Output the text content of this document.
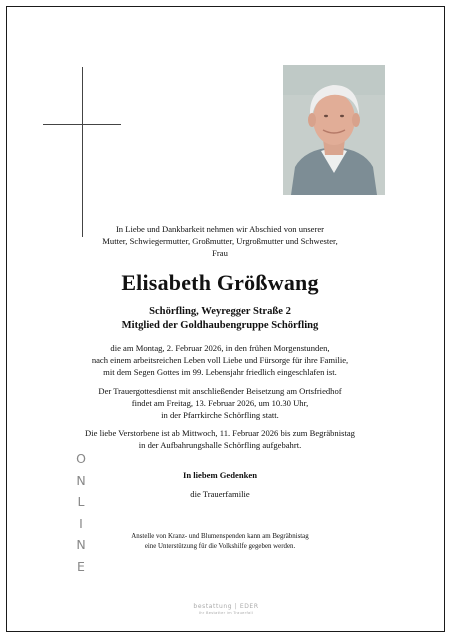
In Liebe und Dankbarkeit nehmen wir Abschied von unserer
Mutter, Schwiegermutter, Großmutter, Urgroßmutter und Schwester,
Frau
Elisabeth Größwang
Schörfling, Weyregger Straße 2
Mitglied der Goldhaubengruppe Schörfling
die am Montag, 2. Februar 2026, in den frühen Morgenstunden,
nach einem arbeitsreichen Leben voll Liebe und Fürsorge für ihre Familie,
mit dem Segen Gottes im 99. Lebensjahr friedlich eingeschlafen ist.
Der Trauergottesdienst mit anschließender Beisetzung am Ortsfriedhof
findet am Freitag, 13. Februar 2026, um 10.30 Uhr,
in der Pfarrkirche Schörfling statt.
Die liebe Verstorbene ist ab Mittwoch, 11. Februar 2026 bis zum Begräbnistag
in der Aufbahrungshalle Schörfling aufgebahrt.
In liebem Gedenken
die Trauerfamilie
Anstelle von Kranz- und Blumenspenden kann am Begräbnistag
eine Unterstützung für die Volkshilfe gegeben werden.
O
N
L
I
N
E
bestattung | EDER
Ihr Bestatter im Trauerfall
